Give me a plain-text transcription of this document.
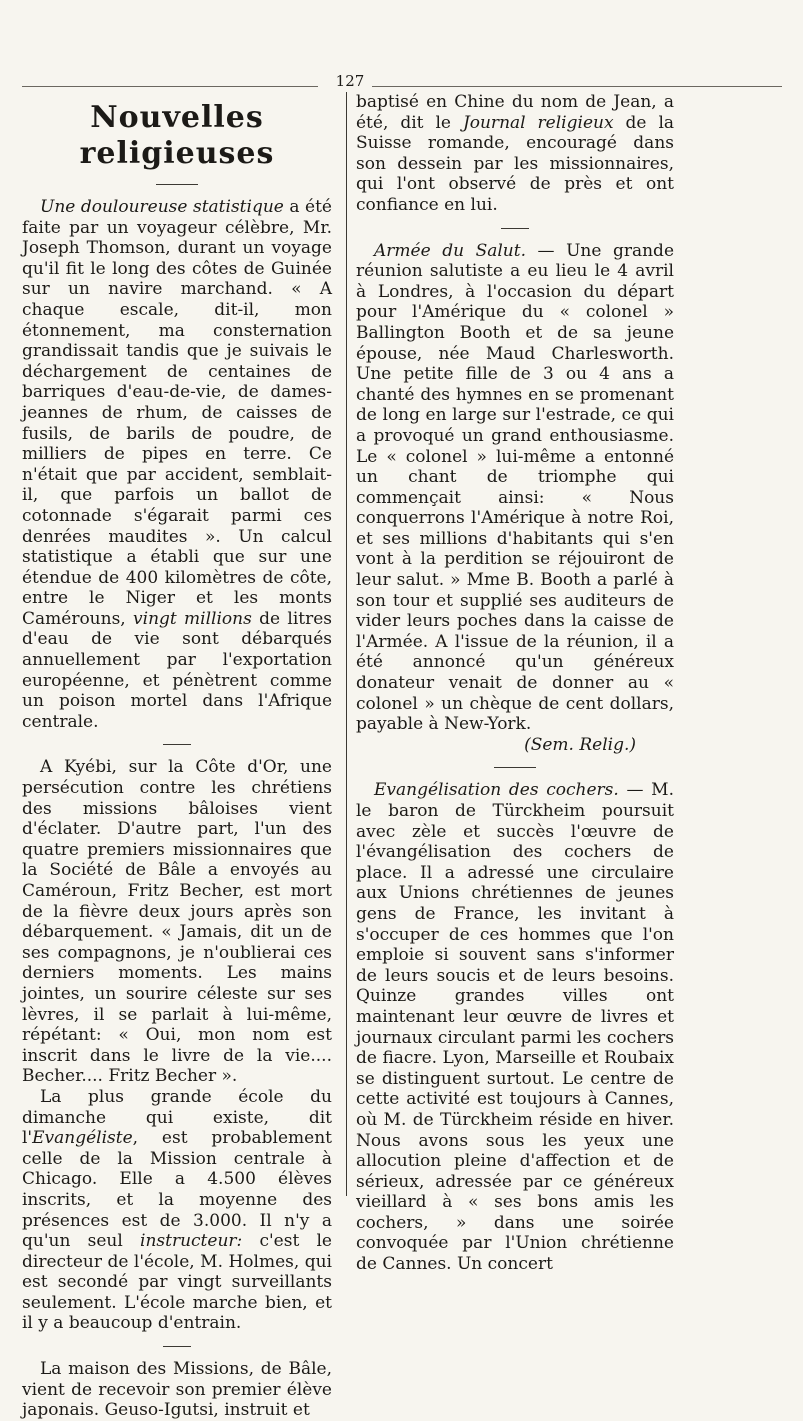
127
Nouvelles religieuses

Une douloureuse statistique a été faite par un voyageur célèbre, Mr. Joseph Thomson, durant un voyage qu'il fit le long des côtes de Guinée sur un navire marchand. « A chaque escale, dit-il, mon étonnement, ma consternation grandissait tandis que je suivais le déchargement de centaines de barriques d'eau-de-vie, de dames-jeannes de rhum, de caisses de fusils, de barils de poudre, de milliers de pipes en terre. Ce n'était que par accident, semblait-il, que parfois un ballot de cotonnade s'égarait parmi ces denrées maudites ». Un calcul statistique a établi que sur une étendue de 400 kilomètres de côte, entre le Niger et les monts Camérouns, vingt millions de litres d'eau de vie sont débarqués annuellement par l'exportation européenne, et pénètrent comme un poison mortel dans l'Afrique centrale.

A Kyébi, sur la Côte d'Or, une persécution contre les chrétiens des missions bâloises vient d'éclater. D'autre part, l'un des quatre premiers missionnaires que la Société de Bâle a envoyés au Caméroun, Fritz Becher, est mort de la fièvre deux jours après son débarquement. « Jamais, dit un de ses compagnons, je n'oublierai ces derniers moments. Les mains jointes, un sourire céleste sur ses lèvres, il se parlait à lui-même, répétant: « Oui, mon nom est inscrit dans le livre de la vie.... Becher.... Fritz Becher ».

La plus grande école du dimanche qui existe, dit l'Evangéliste, est probablement celle de la Mission centrale à Chicago. Elle a 4.500 élèves inscrits, et la moyenne des présences est de 3.000. Il n'y a qu'un seul instructeur: c'est le directeur de l'école, M. Holmes, qui est secondé par vingt surveillants seulement. L'école marche bien, et il y a beaucoup d'entrain.

La maison des Missions, de Bâle, vient de recevoir son premier élève japonais. Geuso-Igutsi, instruit et

baptisé en Chine du nom de Jean, a été, dit le Journal religieux de la Suisse romande, encouragé dans son dessein par les missionnaires, qui l'ont observé de près et ont confiance en lui.

Armée du Salut. — Une grande réunion salutiste a eu lieu le 4 avril à Londres, à l'occasion du départ pour l'Amérique du « colonel » Ballington Booth et de sa jeune épouse, née Maud Charlesworth. Une petite fille de 3 ou 4 ans a chanté des hymnes en se promenant de long en large sur l'estrade, ce qui a provoqué un grand enthousiasme. Le « colonel » lui-même a entonné un chant de triomphe qui commençait ainsi: « Nous conquerrons l'Amérique à notre Roi, et ses millions d'habitants qui s'en vont à la perdition se réjouiront de leur salut. » Mme B. Booth a parlé à son tour et supplié ses auditeurs de vider leurs poches dans la caisse de l'Armée. A l'issue de la réunion, il a été annoncé qu'un généreux donateur venait de donner au « colonel » un chèque de cent dollars, payable à New-York.

(Sem. Relig.)

Evangélisation des cochers. — M. le baron de Türckheim poursuit avec zèle et succès l'œuvre de l'évangélisation des cochers de place. Il a adressé une circulaire aux Unions chrétiennes de jeunes gens de France, les invitant à s'occuper de ces hommes que l'on emploie si souvent sans s'informer de leurs soucis et de leurs besoins. Quinze grandes villes ont maintenant leur œuvre de livres et journaux circulant parmi les cochers de fiacre. Lyon, Marseille et Roubaix se distinguent surtout. Le centre de cette activité est toujours à Cannes, où M. de Türckheim réside en hiver. Nous avons sous les yeux une allocution pleine d'affection et de sérieux, adressée par ce généreux vieillard à « ses bons amis les cochers, » dans une soirée convoquée par l'Union chrétienne de Cannes. Un concert
